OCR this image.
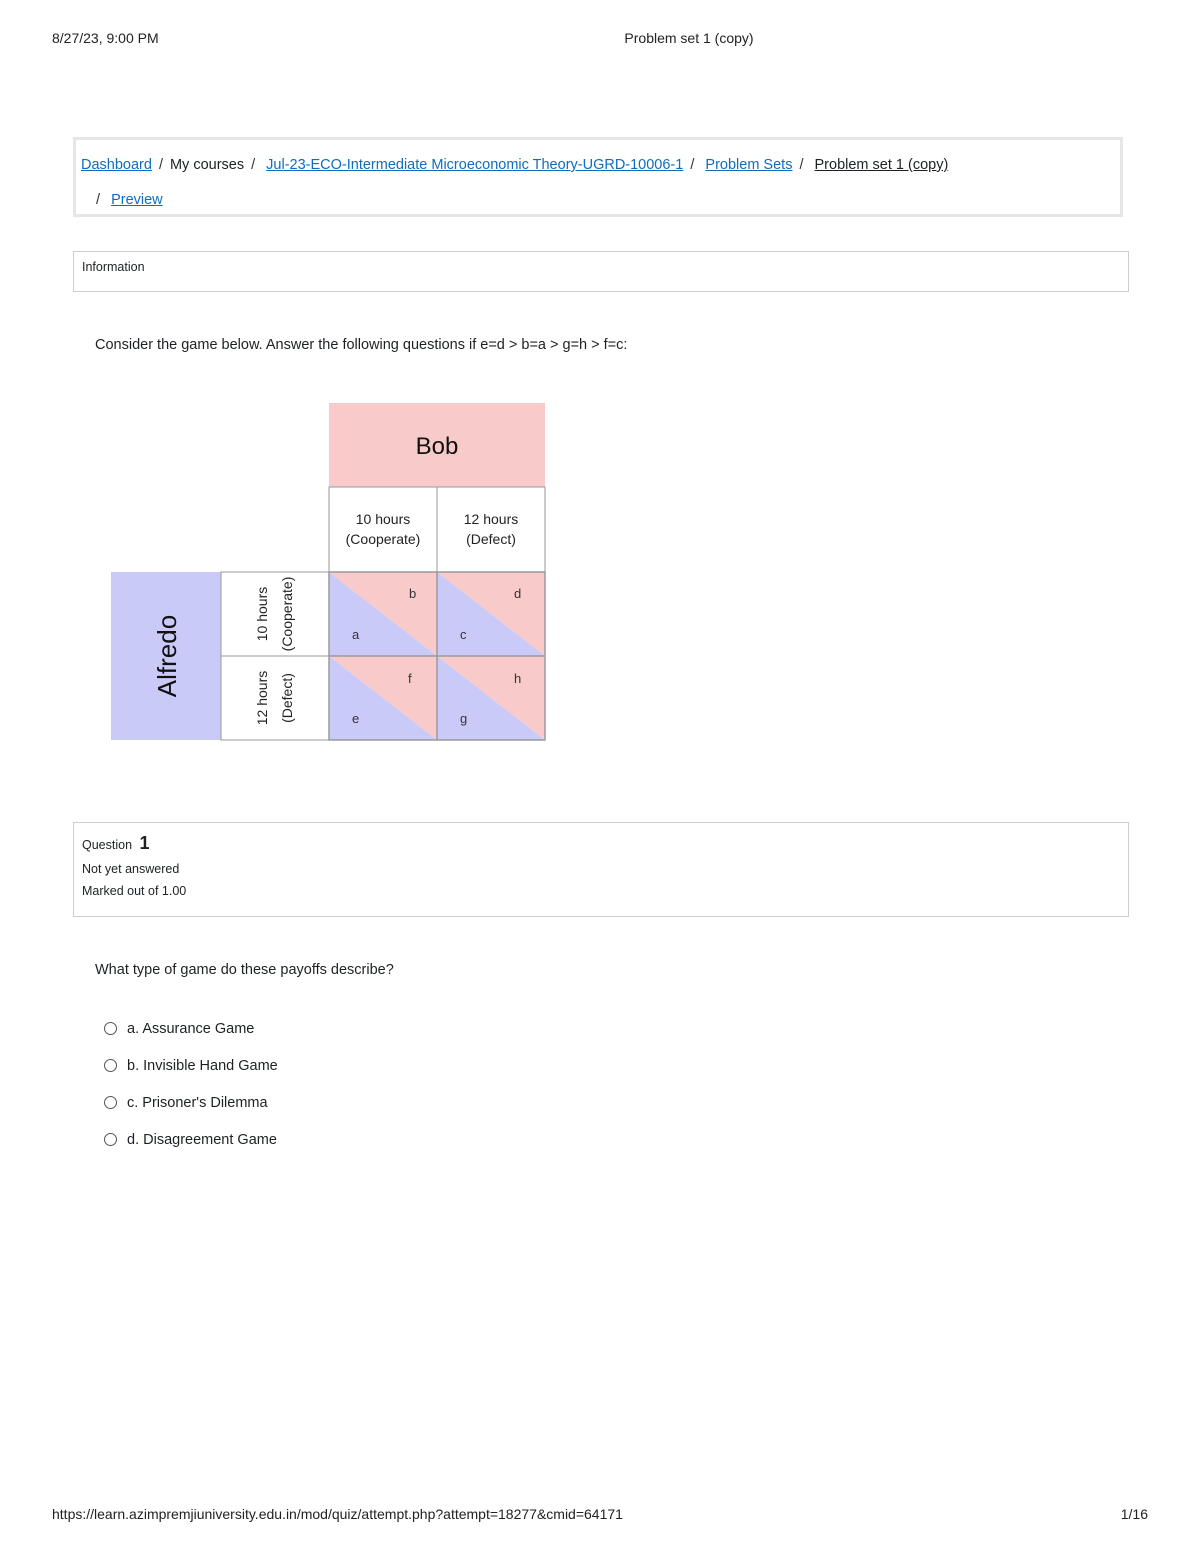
8/27/23, 9:00 PM	Problem set 1 (copy)
Dashboard / My courses / Jul-23-ECO-Intermediate Microeconomic Theory-UGRD-10006-1 / Problem Sets / Problem set 1 (copy)
/ Preview
Information
Consider the game below. Answer the following questions if e=d > b=a > g=h > f=c:
Bob
10 hours
(Cooperate)
12 hours
(Defect)
Alfredo
10 hours (Cooperate)
12 hours (Defect)
b
a
d
c
f
e
h
g
Question 1
Not yet answered
Marked out of 1.00
What type of game do these payoffs describe?
a. Assurance Game
b. Invisible Hand Game
c. Prisoner's Dilemma
d. Disagreement Game
https://learn.azimpremjiuniversity.edu.in/mod/quiz/attempt.php?attempt=18277&cmid=64171	1/16
